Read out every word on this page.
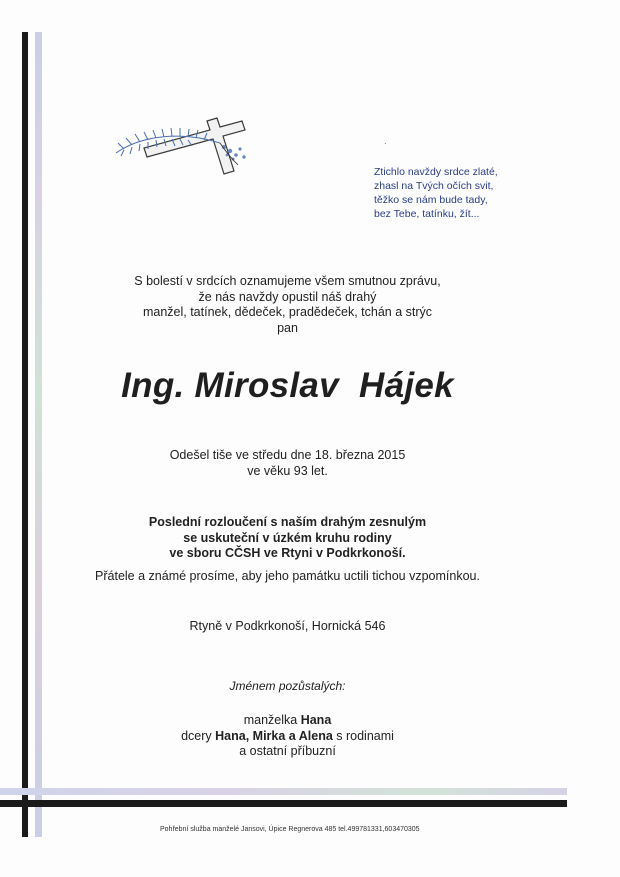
·
Ztichlo navždy srdce zlaté,
zhasl na Tvých očích svit,
těžko se nám bude tady,
bez Tebe, tatínku, žít...
S bolestí v srdcích oznamujeme všem smutnou zprávu,
že nás navždy opustil náš drahý
manžel, tatínek, dědeček, pradědeček, tchán a strýc
pan
Ing. Miroslav  Hájek
Odešel tiše ve středu dne 18. března 2015
ve věku 93 let.
Poslední rozloučení s naším drahým zesnulým
se uskuteční v úzkém kruhu rodiny
ve sboru CČSH ve Rtyni v Podkrkonoší.
Přátele a známé prosíme, aby jeho památku uctili tichou vzpomínkou.
Rtyně v Podkrkonoší, Hornická 546
Jménem pozůstalých:
manželka Hana
dcery Hana, Mirka a Alena s rodinami
a ostatní příbuzní
Pohřební služba manželé Jansovi, Úpice Regnerova 485 tel.499781331,603470305
